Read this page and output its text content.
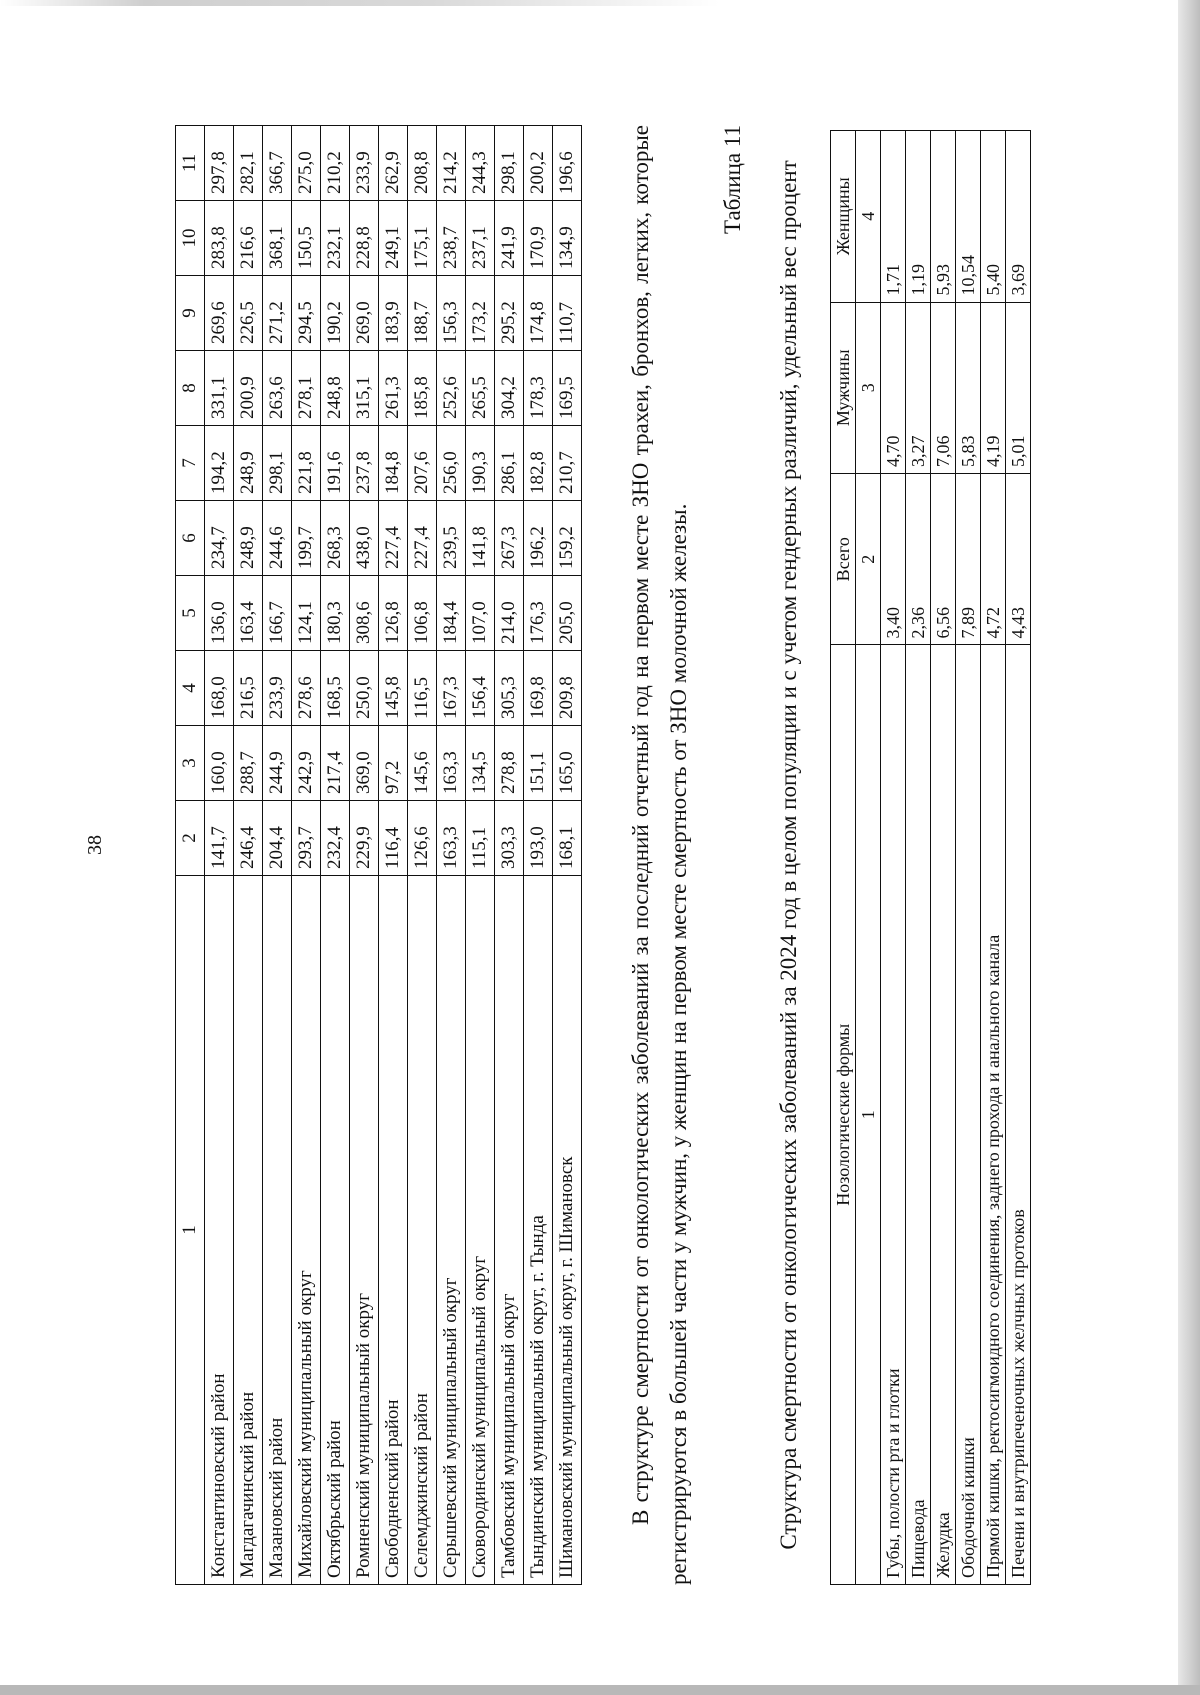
38
1	2	3	4	5	6	7	8	9	10	11
Константиновский район	141,7	160,0	168,0	136,0	234,7	194,2	331,1	269,6	283,8	297,8
Магдагачинский район	246,4	288,7	216,5	163,4	248,9	248,9	200,9	226,5	216,6	282,1
Мазановский район	204,4	244,9	233,9	166,7	244,6	298,1	263,6	271,2	368,1	366,7
Михайловский муниципальный округ	293,7	242,9	278,6	124,1	199,7	221,8	278,1	294,5	150,5	275,0
Октябрьский район	232,4	217,4	168,5	180,3	268,3	191,6	248,8	190,2	232,1	210,2
Ромненский муниципальный округ	229,9	369,0	250,0	308,6	438,0	237,8	315,1	269,0	228,8	233,9
Свободненский район	116,4	97,2	145,8	126,8	227,4	184,8	261,3	183,9	249,1	262,9
Селемджинский район	126,6	145,6	116,5	106,8	227,4	207,6	185,8	188,7	175,1	208,8
Серышевский муниципальный округ	163,3	163,3	167,3	184,4	239,5	256,0	252,6	156,3	238,7	214,2
Сковородинский муниципальный округ	115,1	134,5	156,4	107,0	141,8	190,3	265,5	173,2	237,1	244,3
Тамбовский муниципальный округ	303,3	278,8	305,3	214,0	267,3	286,1	304,2	295,2	241,9	298,1
Тындинский муниципальный округ, г. Тында	193,0	151,1	169,8	176,3	196,2	182,8	178,3	174,8	170,9	200,2
Шимановский муниципальный округ, г. Шимановск	168,1	165,0	209,8	205,0	159,2	210,7	169,5	110,7	134,9	196,6 В структуре смертности от онкологических заболеваний за последний отчетный год на первом месте ЗНО трахеи, бронхов, легких, которые регистрируются в большей части у мужчин, у женщин на первом месте смертность от ЗНО молочной железы.

Таблица 11 Структура смертности от онкологических заболеваний за 2024 год в целом популяции и с учетом гендерных различий, удельный вес процент	Нозологические формы	Всего	Мужчины	Женщины
1	2	3	4
Губы, полости рта и глотки	3,40	4,70	1,71
Пищевода	2,36	3,27	1,19
Желудка	6,56	7,06	5,93
Ободочной кишки	7,89	5,83	10,54
Прямой кишки, ректосигмоидного соединения, заднего прохода и анального канала	4,72	4,19	5,40
Печени и внутрипеченочных желчных протоков	4,43	5,01	3,69
